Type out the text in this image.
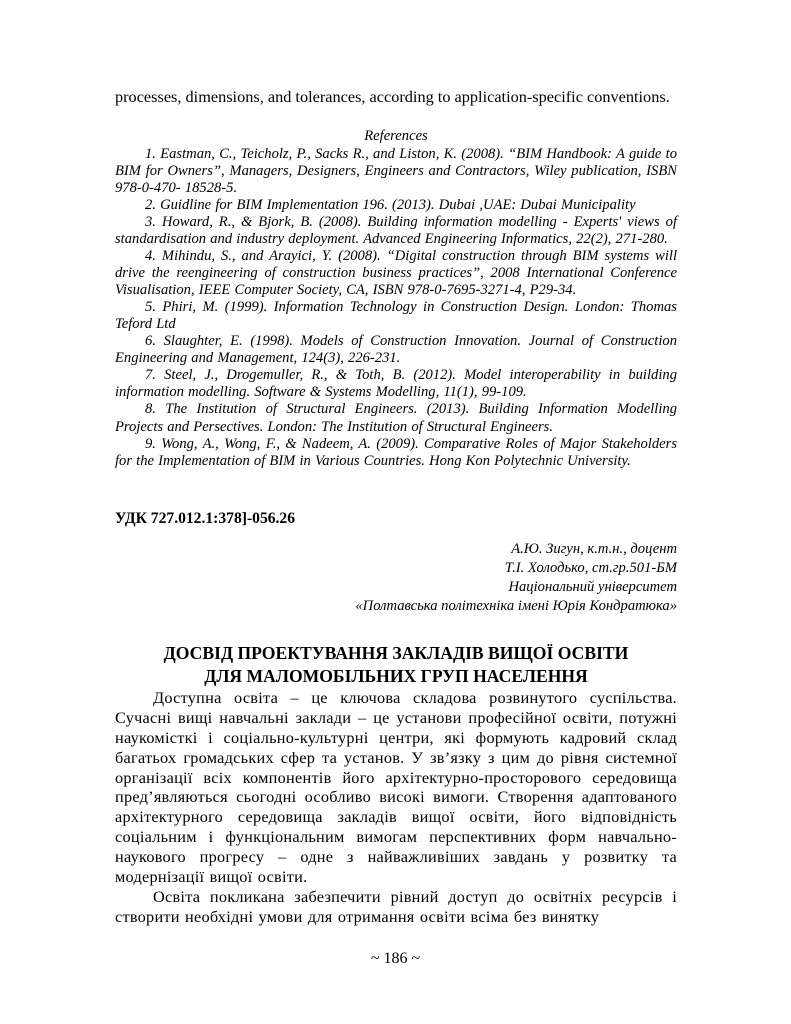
processes, dimensions, and tolerances, according to application-specific conventions.

References

1. Eastman, C., Teicholz, P., Sacks R., and Liston, K. (2008). “BIM Handbook: A guide to BIM for Owners”, Managers, Designers, Engineers and Contractors, Wiley publication, ISBN 978-0-470- 18528-5.

2. Guidline for BIM Implementation 196. (2013). Dubai ,UAE: Dubai Municipality

3. Howard, R., & Bjork, B. (2008). Building information modelling - Experts' views of standardisation and industry deployment. Advanced Engineering Informatics, 22(2), 271-280.

4. Mihindu, S., and Arayici, Y. (2008). “Digital construction through BIM systems will drive the reengineering of construction business practices”, 2008 International Conference Visualisation, IEEE Computer Society, CA, ISBN 978-0-7695-3271-4, P29-34.

5. Phiri, M. (1999). Information Technology in Construction Design. London: Thomas Teford Ltd

6. Slaughter, E. (1998). Models of Construction Innovation. Journal of Construction Engineering and Management, 124(3), 226-231.

7. Steel, J., Drogemuller, R., & Toth, B. (2012). Model interoperability in building information modelling. Software & Systems Modelling, 11(1), 99-109.

8. The Institution of Structural Engineers. (2013). Building Information Modelling Projects and Persectives. London: The Institution of Structural Engineers.

9. Wong, A., Wong, F., & Nadeem, A. (2009). Comparative Roles of Major Stakeholders for the Implementation of BIM in Various Countries. Hong Kon Polytechnic University.

УДК 727.012.1:378]-056.26

А.Ю. Зигун, к.т.н., доцент
Т.І. Холодько, ст.гр.501-БМ
Національний університет
«Полтавська політехніка імені Юрія Кондратюка»
ДОСВІД ПРОЕКТУВАННЯ ЗАКЛАДІВ ВИЩОЇ ОСВІТИ
ДЛЯ МАЛОМОБІЛЬНИХ ГРУП НАСЕЛЕННЯ

Доступна освіта – це ключова складова розвинутого суспільства. Сучасні вищі навчальні заклади – це установи професійної освіти, потужні наукомісткі і соціально-культурні центри, які формують кадровий склад багатьох громадських сфер та установ. У зв’язку з цим до рівня системної організації всіх компонентів його архітектурно-просторового середовища пред’являються сьогодні особливо високі вимоги. Створення адаптованого архітектурного середовища закладів вищої освіти, його відповідність соціальним і функціональним вимогам перспективних форм навчально-наукового прогресу – одне з найважливіших завдань у розвитку та модернізації вищої освіти.

Освіта покликана забезпечити рівний доступ до освітніх ресурсів і створити необхідні умови для отримання освіти всіма без винятку

~ 186 ~
